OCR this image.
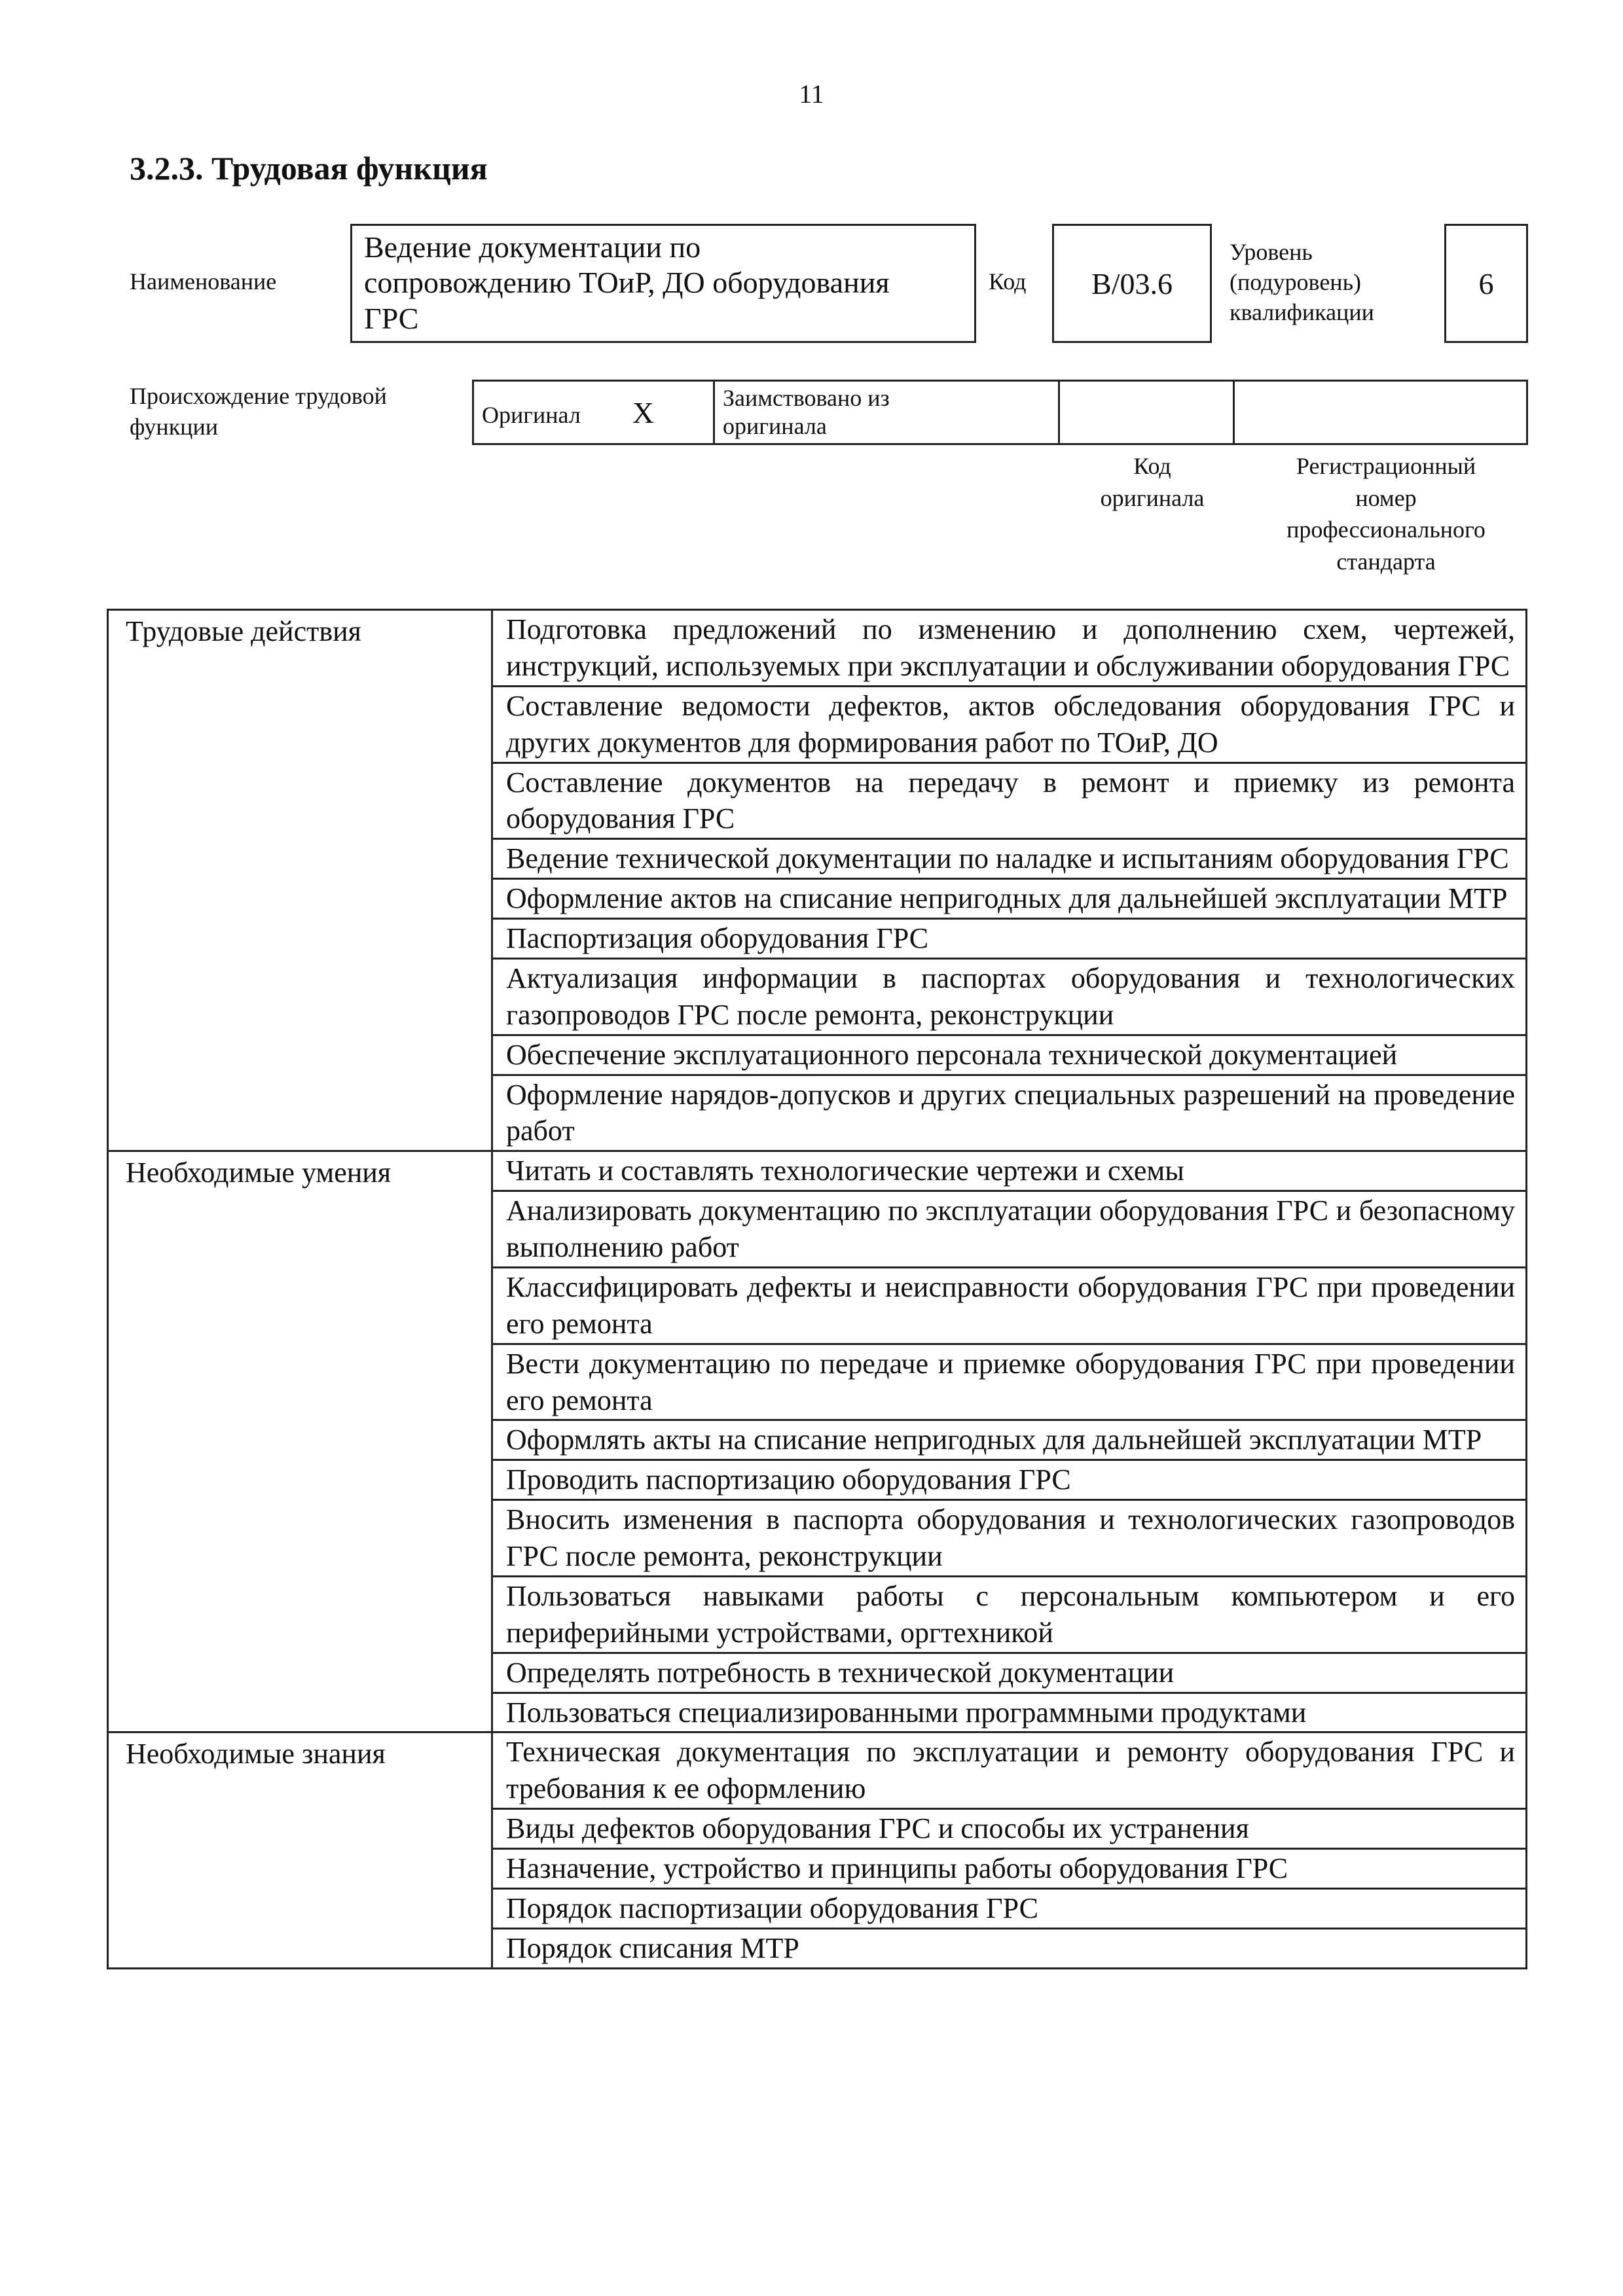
11
3.2.3. Трудовая функция
Наименование
Ведение документации по
сопровождению ТОиР, ДО оборудования
ГРС
Код В/03.6
Уровень
(подуровень)
квалификации
6
Происхождение трудовой
функции	Оригинал X	Заимствовано из
оригинала

Код
оригинала
Регистрационный
номер
профессионального
стандарта
Трудовые действия	Подготовка предложений по изменению и дополнению схем, чертежей, инструкций, используемых при эксплуатации и обслуживании оборудования ГРС
	Составление ведомости дефектов, актов обследования оборудования ГРС и других документов для формирования работ по ТОиР, ДО
	Составление документов на передачу в ремонт и приемку из ремонта оборудования ГРС
	Ведение технической документации по наладке и испытаниям оборудования ГРС
	Оформление актов на списание непригодных для дальнейшей эксплуатации МТР
	Паспортизация оборудования ГРС
	Актуализация информации в паспортах оборудования и технологических газопроводов ГРС после ремонта, реконструкции
	Обеспечение эксплуатационного персонала технической документацией
	Оформление нарядов-допусков и других специальных разрешений на проведение работ
Необходимые умения	Читать и составлять технологические чертежи и схемы
	Анализировать документацию по эксплуатации оборудования ГРС и безопасному выполнению работ
	Классифицировать дефекты и неисправности оборудования ГРС при проведении его ремонта
	Вести документацию по передаче и приемке оборудования ГРС при проведении его ремонта
	Оформлять акты на списание непригодных для дальнейшей эксплуатации МТР
	Проводить паспортизацию оборудования ГРС
	Вносить изменения в паспорта оборудования и технологических газопроводов ГРС после ремонта, реконструкции
	Пользоваться навыками работы с персональным компьютером и его периферийными устройствами, оргтехникой
	Определять потребность в технической документации
	Пользоваться специализированными программными продуктами
Необходимые знания	Техническая документация по эксплуатации и ремонту оборудования ГРС и требования к ее оформлению
	Виды дефектов оборудования ГРС и способы их устранения
	Назначение, устройство и принципы работы оборудования ГРС
	Порядок паспортизации оборудования ГРС
	Порядок списания МТР
